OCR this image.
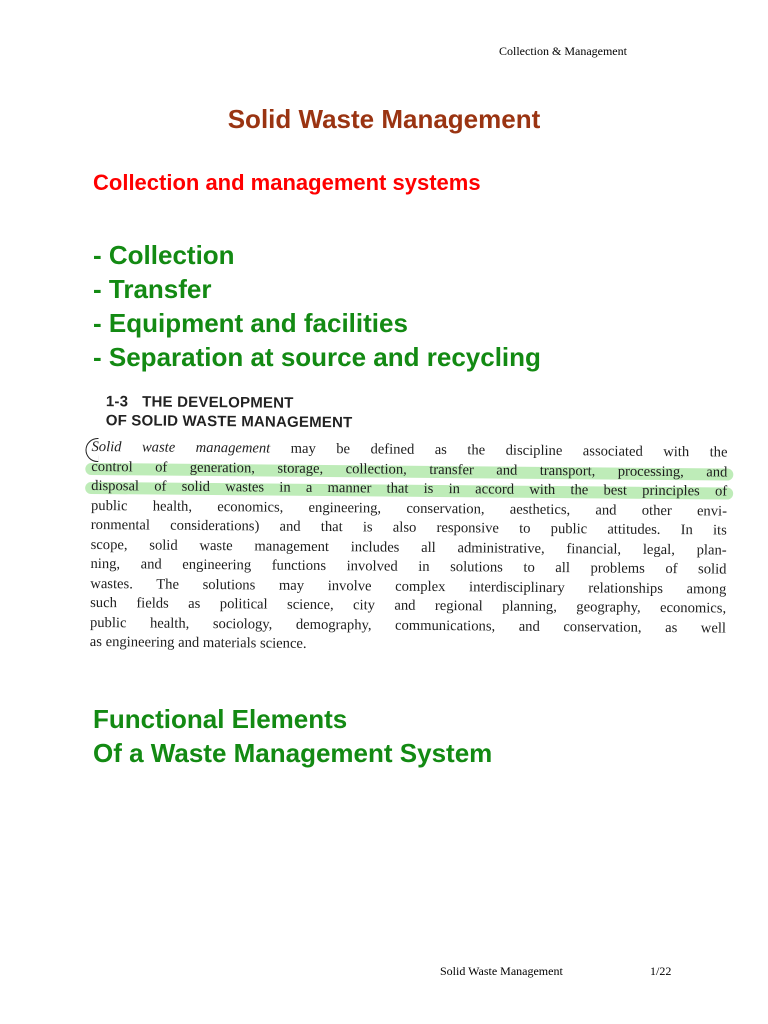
Collection & Management
Solid Waste Management
Collection and management systems
- Collection
- Transfer
- Equipment and facilities
- Separation at source and recycling
1-3 THE DEVELOPMENT
OF SOLID WASTE MANAGEMENT
Solid waste management may be defined as the discipline associated with the
control of generation, storage, collection, transfer and transport, processing, and
disposal of solid wastes in a manner that is in accord with the best principles of
public health, economics, engineering, conservation, aesthetics, and other envi-
ronmental considerations) and that is also responsive to public attitudes. In its
scope, solid waste management includes all administrative, financial, legal, plan-
ning, and engineering functions involved in solutions to all problems of solid
wastes. The solutions may involve complex interdisciplinary relationships among
such fields as political science, city and regional planning, geography, economics,
public health, sociology, demography, communications, and conservation, as well
as engineering and materials science.
Functional Elements
Of a Waste Management System
Solid Waste Management	1/22
